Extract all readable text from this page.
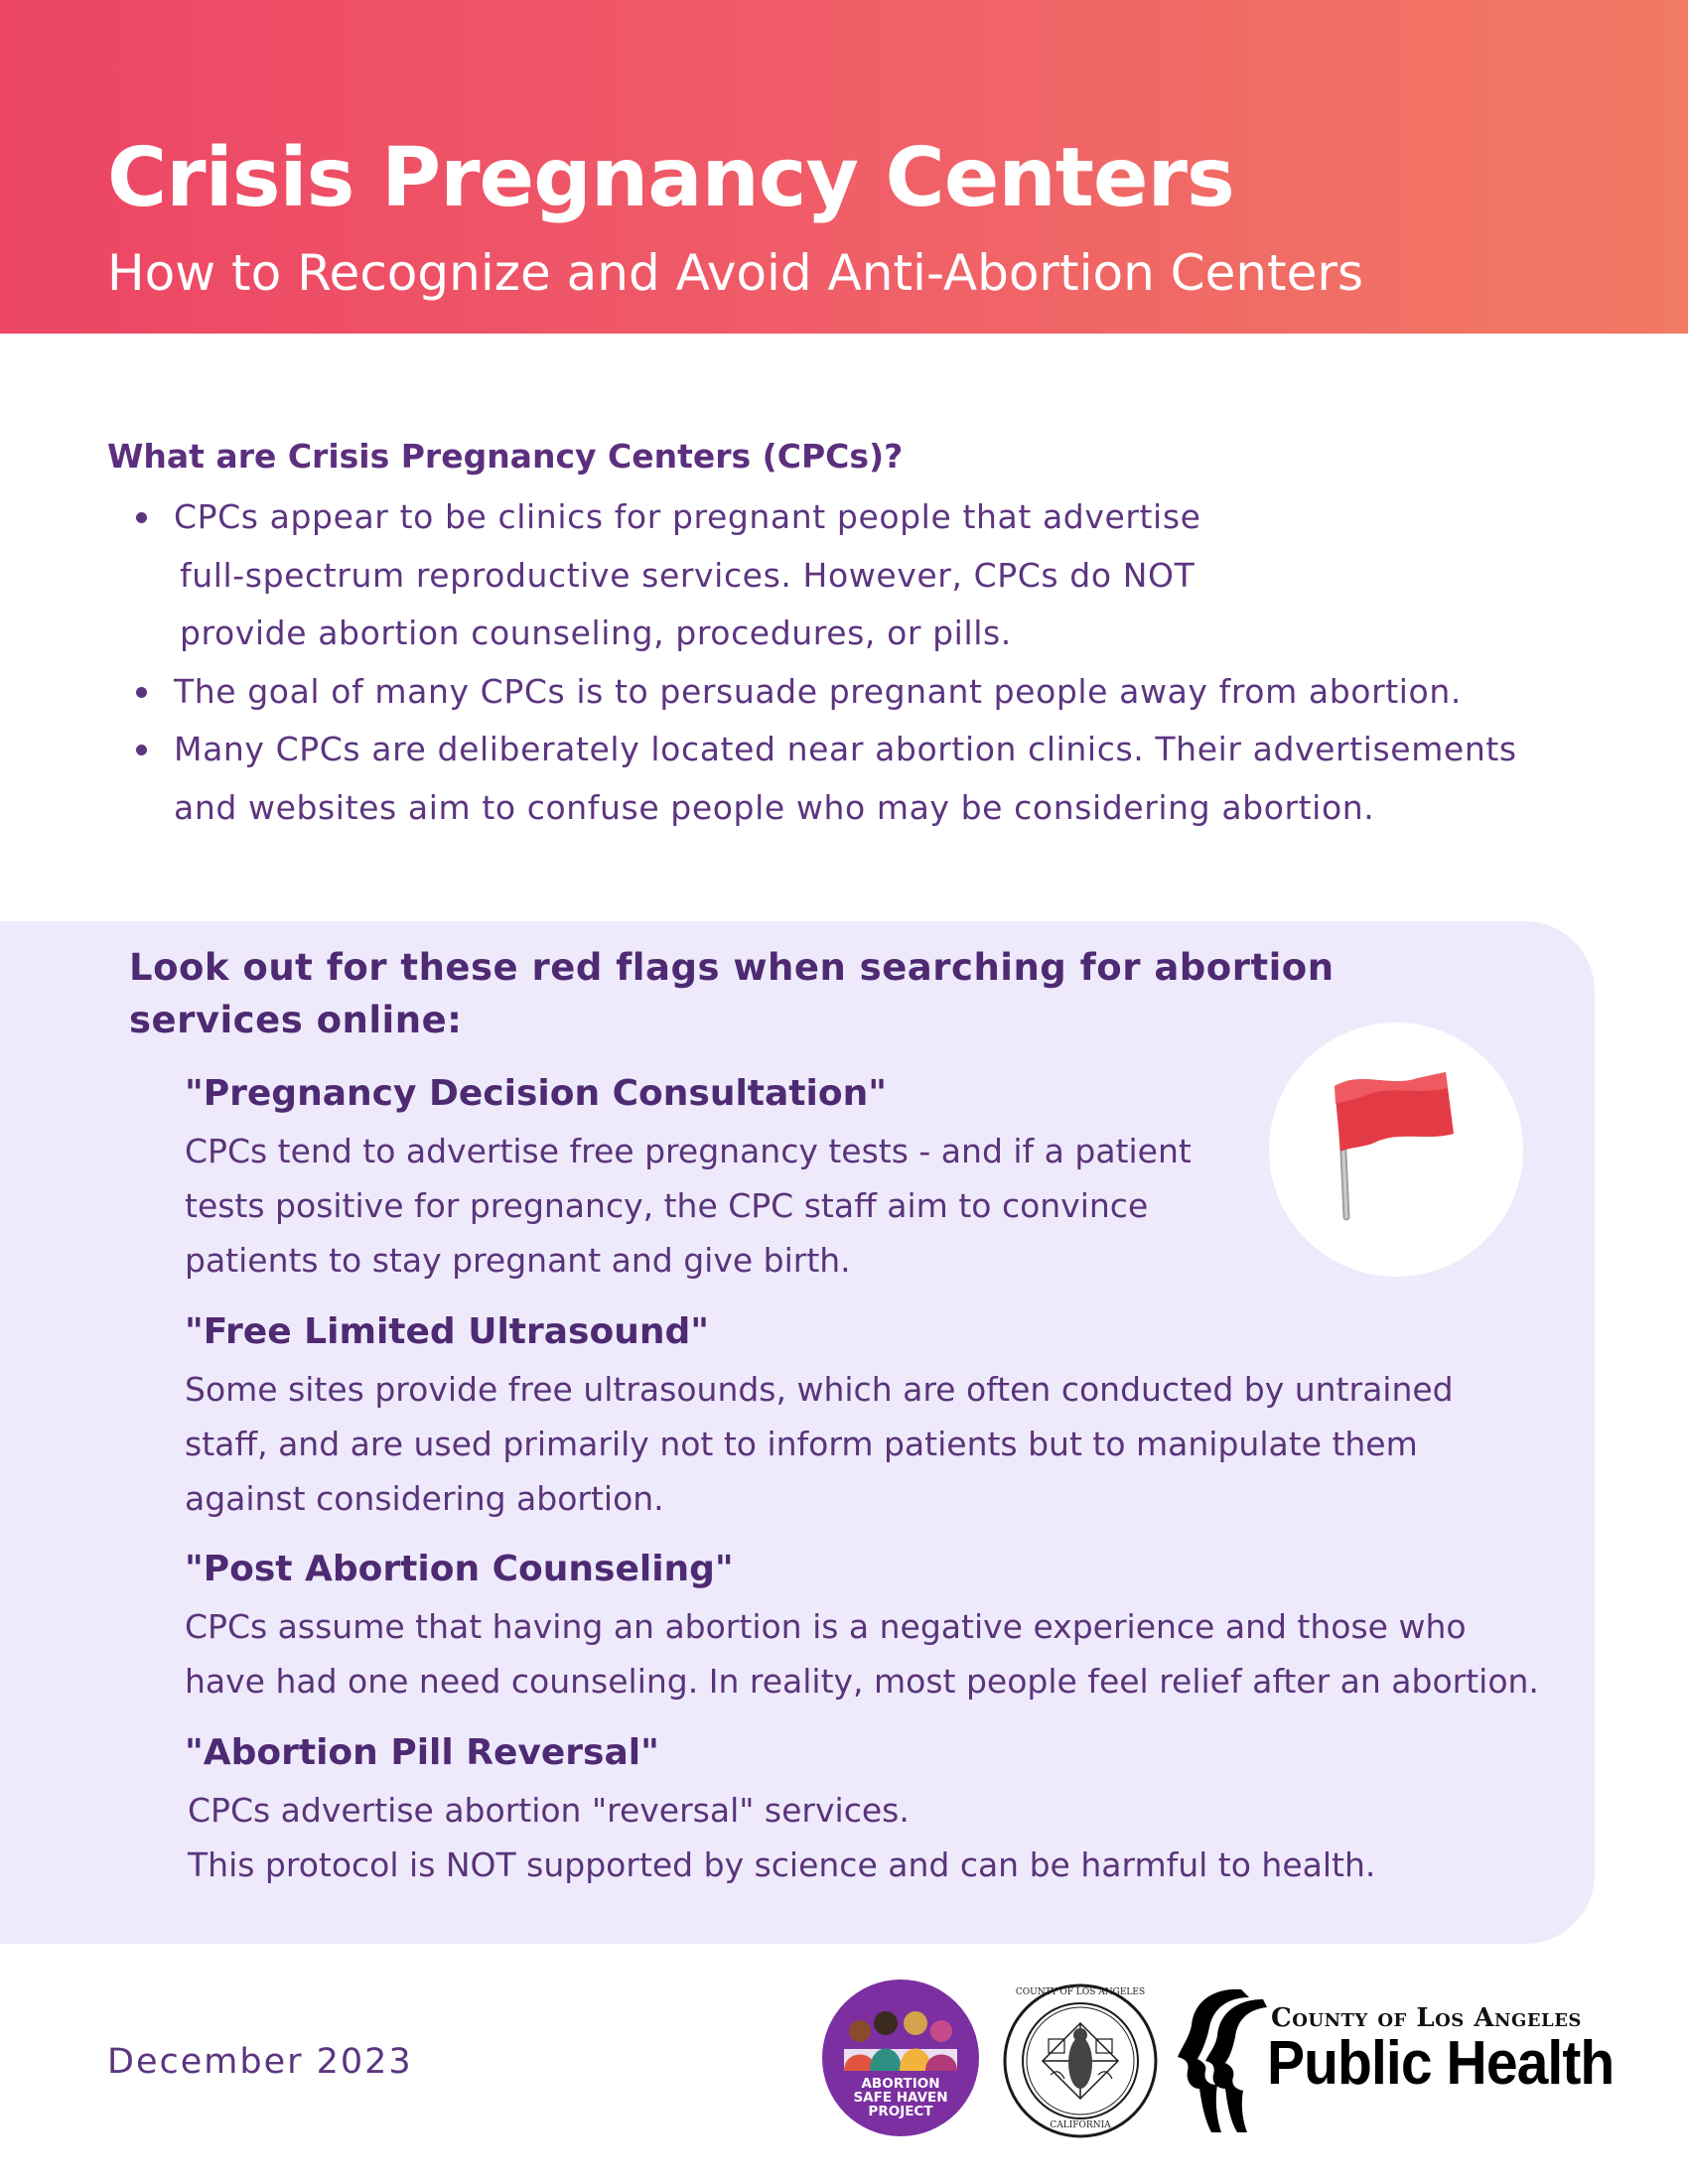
Crisis Pregnancy Centers
How to Recognize and Avoid Anti-Abortion Centers
What are Crisis Pregnancy Centers (CPCs)?
CPCs appear to be clinics for pregnant people that advertise
full-spectrum reproductive services. However, CPCs do NOT
provide abortion counseling, procedures, or pills.
The goal of many CPCs is to persuade pregnant people away from abortion.
Many CPCs are deliberately located near abortion clinics. Their advertisements
and websites aim to confuse people who may be considering abortion.
Look out for these red flags when searching for abortion services online:
"Pregnancy Decision Consultation"

CPCs tend to advertise free pregnancy tests - and if a patient
tests positive for pregnancy, the CPC staff aim to convince
patients to stay pregnant and give birth.

"Free Limited Ultrasound"

Some sites provide free ultrasounds, which are often conducted by untrained
staff, and are used primarily not to inform patients but to manipulate them
against considering abortion.

"Post Abortion Counseling"

CPCs assume that having an abortion is a negative experience and those who
have had one need counseling. In reality, most people feel relief after an abortion.

"Abortion Pill Reversal"

CPCs advertise abortion "reversal" services.
This protocol is NOT supported by science and can be harmful to health.

December 2023

ABORTION
SAFE HAVEN
PROJECT
COUNTY OF LOS ANGELES
CALIFORNIA

County of Los Angeles

Public Health
